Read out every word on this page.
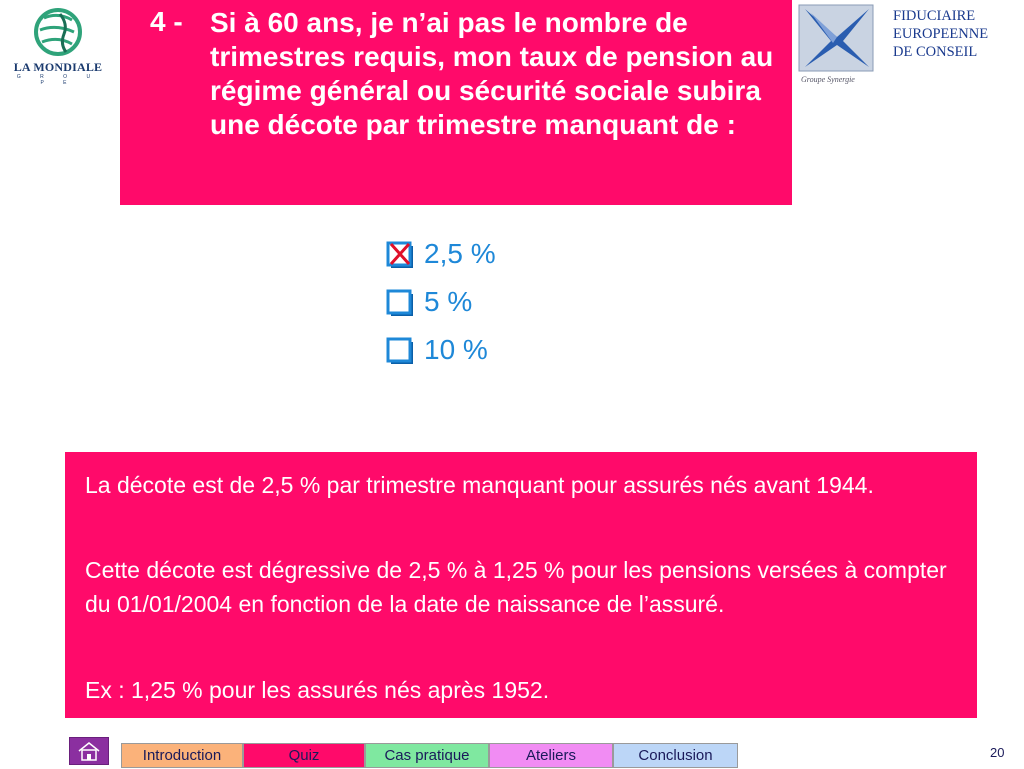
LA MONDIALE
G R O U P E
4 - Si à 60 ans, je n’ai pas le nombre de trimestres requis, mon taux de pension au régime général ou sécurité sociale subira une décote par trimestre manquant de :
Groupe Synergie
FIDUCIAIRE
EUROPEENNE
DE CONSEIL
2,5 %
5 %
10 %

La décote est de 2,5 % par trimestre manquant pour assurés nés avant 1944.

Cette décote est dégressive de 2,5 % à 1,25 % pour les pensions versées à compter du 01/01/2004 en fonction de la date de naissance de l’assuré.

Ex : 1,25 % pour les assurés nés après 1952.

Introduction	Quiz	Cas pratique	Ateliers	Conclusion	20
